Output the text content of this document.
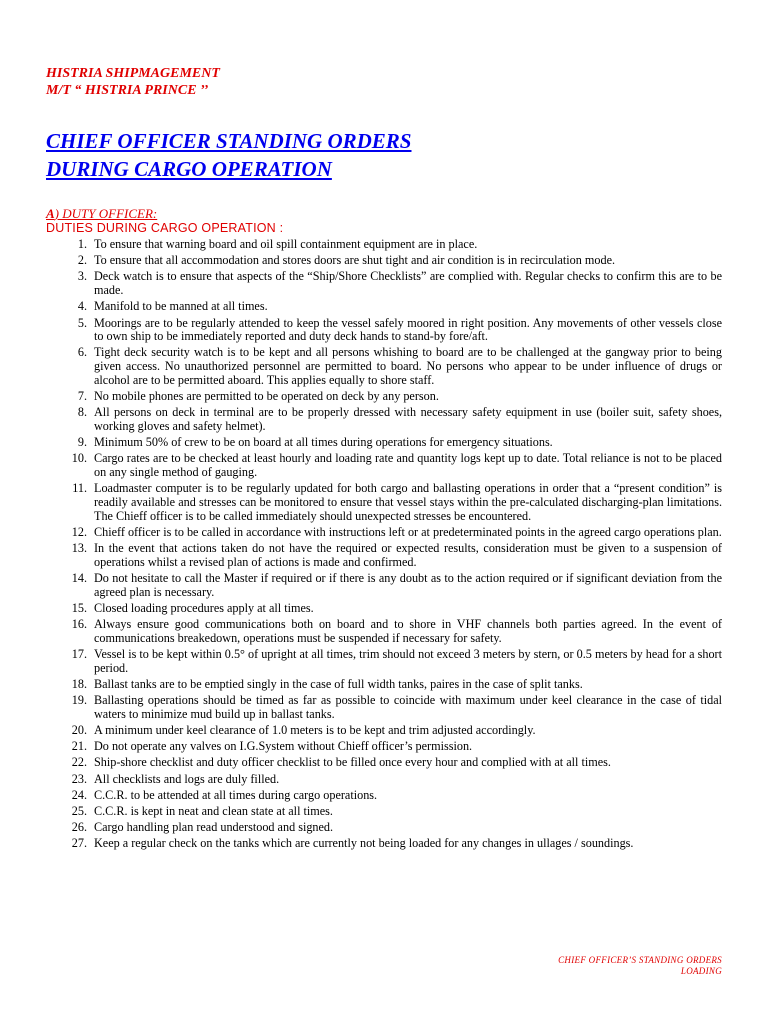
HISTRIA SHIPMAGEMENT

M/T “ HISTRIA PRINCE ’’

CHIEF OFFICER STANDING ORDERS
DURING CARGO OPERATION
A) DUTY OFFICER:
DUTIES DURING CARGO OPERATION :
1. To ensure that warning board and oil spill containment equipment are in place.
2. To ensure that all accommodation and stores doors are shut tight and air condition is in recirculation mode.
3. Deck watch is to ensure that aspects of the “Ship/Shore Checklists” are complied with. Regular checks to confirm this are to be made.
4. Manifold to be manned at all times.
5. Moorings are to be regularly attended to keep the vessel safely moored in right position. Any movements of other vessels close to own ship to be immediately reported and duty deck hands to stand-by fore/aft.
6. Tight deck security watch is to be kept and all persons whishing to board are to be challenged at the gangway prior to being given access. No unauthorized personnel are permitted to board. No persons who appear to be under influence of drugs or alcohol are to be permitted aboard. This applies equally to shore staff.
7. No mobile phones are permitted to be operated on deck by any person.
8. All persons on deck in terminal are to be properly dressed with necessary safety equipment in use (boiler suit, safety shoes, working gloves and safety helmet).
9. Minimum 50% of crew to be on board at all times during operations for emergency situations.
10. Cargo rates are to be checked at least hourly and loading rate and quantity logs kept up to date. Total reliance is not to be placed on any single method of gauging.
11. Loadmaster computer is to be regularly updated for both cargo and ballasting operations in order that a “present condition” is readily available and stresses can be monitored to ensure that vessel stays within the pre-calculated discharging-plan limitations. The Chieff officer is to be called immediately should unexpected stresses be encountered.
12. Chieff officer is to be called in accordance with instructions left or at predeterminated points in the agreed cargo operations plan.
13. In the event that actions taken do not have the required or expected results, consideration must be given to a suspension of operations whilst a revised plan of actions is made and confirmed.
14. Do not hesitate to call the Master if required or if there is any doubt as to the action required or if significant deviation from the agreed plan is necessary.
15. Closed loading procedures apply at all times.
16. Always ensure good communications both on board and to shore in VHF channels both parties agreed. In the event of communications breakedown, operations must be suspended if necessary for safety.
17. Vessel is to be kept within 0.5° of upright at all times, trim should not exceed 3 meters by stern, or 0.5 meters by head for a short period.
18. Ballast tanks are to be emptied singly in the case of full width tanks, paires in the case of split tanks.
19. Ballasting operations should be timed as far as possible to coincide with maximum under keel clearance in the case of tidal waters to minimize mud build up in ballast tanks.
20. A minimum under keel clearance of 1.0 meters is to be kept and trim adjusted accordingly.
21. Do not operate any valves on I.G.System without Chieff officer’s permission.
22. Ship-shore checklist and duty officer checklist to be filled once every hour and complied with at all times.
23. All checklists and logs are duly filled.
24. C.C.R. to be attended at all times during cargo operations.
25. C.C.R. is kept in neat and clean state at all times.
26. Cargo handling plan read understood and signed.
27. Keep a regular check on the tanks which are currently not being loaded for any changes in ullages / soundings.
CHIEF OFFICER’S STANDING ORDERS
LOADING
